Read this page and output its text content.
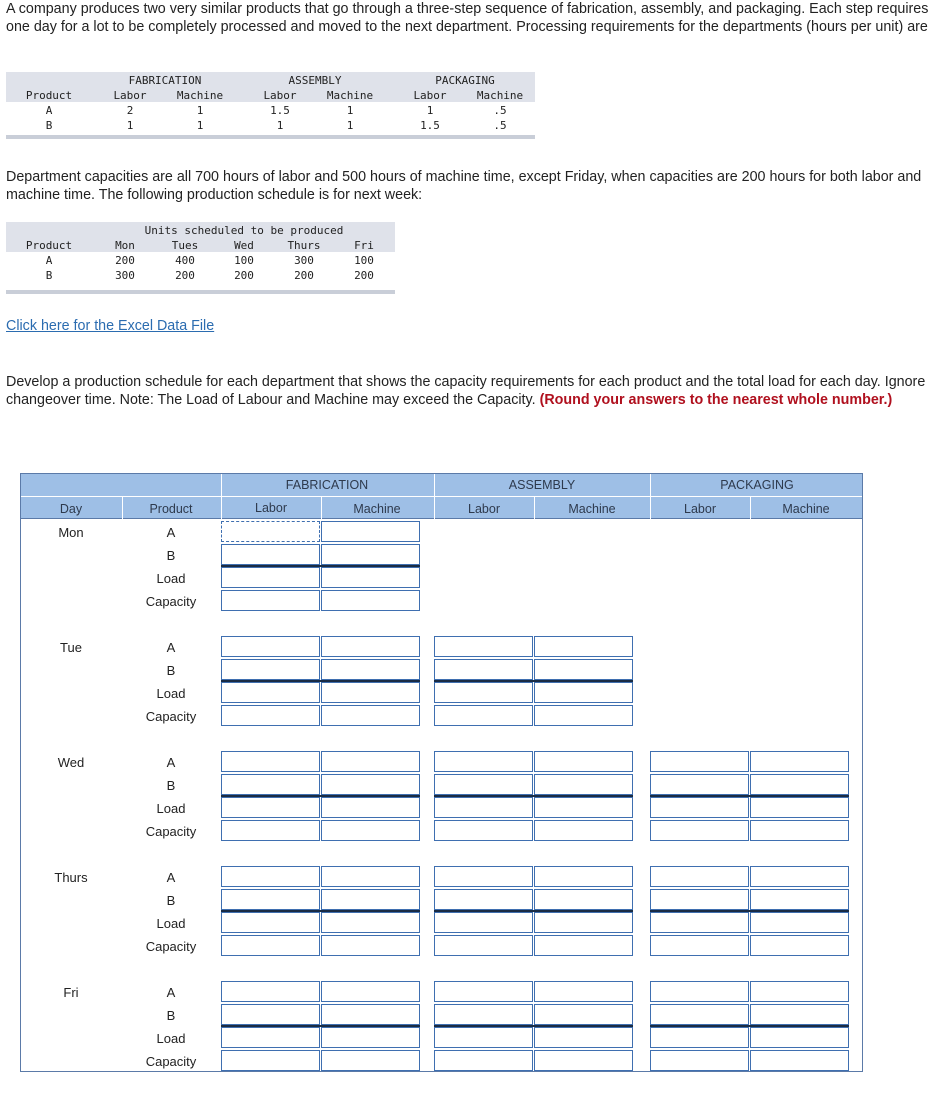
A company produces two very similar products that go through a three-step sequence of fabrication, assembly, and packaging. Each step requires one day for a lot to be completely processed and moved to the next department. Processing requirements for the departments (hours per unit) are

FABRICATION	ASSEMBLY	PACKAGING
Product	Labor	Machine	Labor	Machine	Labor	Machine
A	2	1	1.5	1	1	.5
B	1	1	1	1	1.5	.5

Department capacities are all 700 hours of labor and 500 hours of machine time, except Friday, when capacities are 200 hours for both labor and machine time. The following production schedule is for next week:

Units scheduled to be produced
Product	Mon	Tues	Wed	Thurs	Fri
A	200	400	100	300	100
B	300	200	200	200	200
Click here for the Excel Data File

Develop a production schedule for each department that shows the capacity requirements for each product and the total load for each day. Ignore changeover time. Note: The Load of Labour and Machine may exceed the Capacity. (Round your answers to the nearest whole number.)

FABRICATION	ASSEMBLY	PACKAGING
Day	Product	Labor	Machine	Labor	Machine	Labor	Machine
Mon	A
B
Load
Capacity
Tue	A
B
Load
Capacity
Wed	A
B
Load
Capacity
Thurs	A
B
Load
Capacity
Fri	A
B
Load
Capacity
